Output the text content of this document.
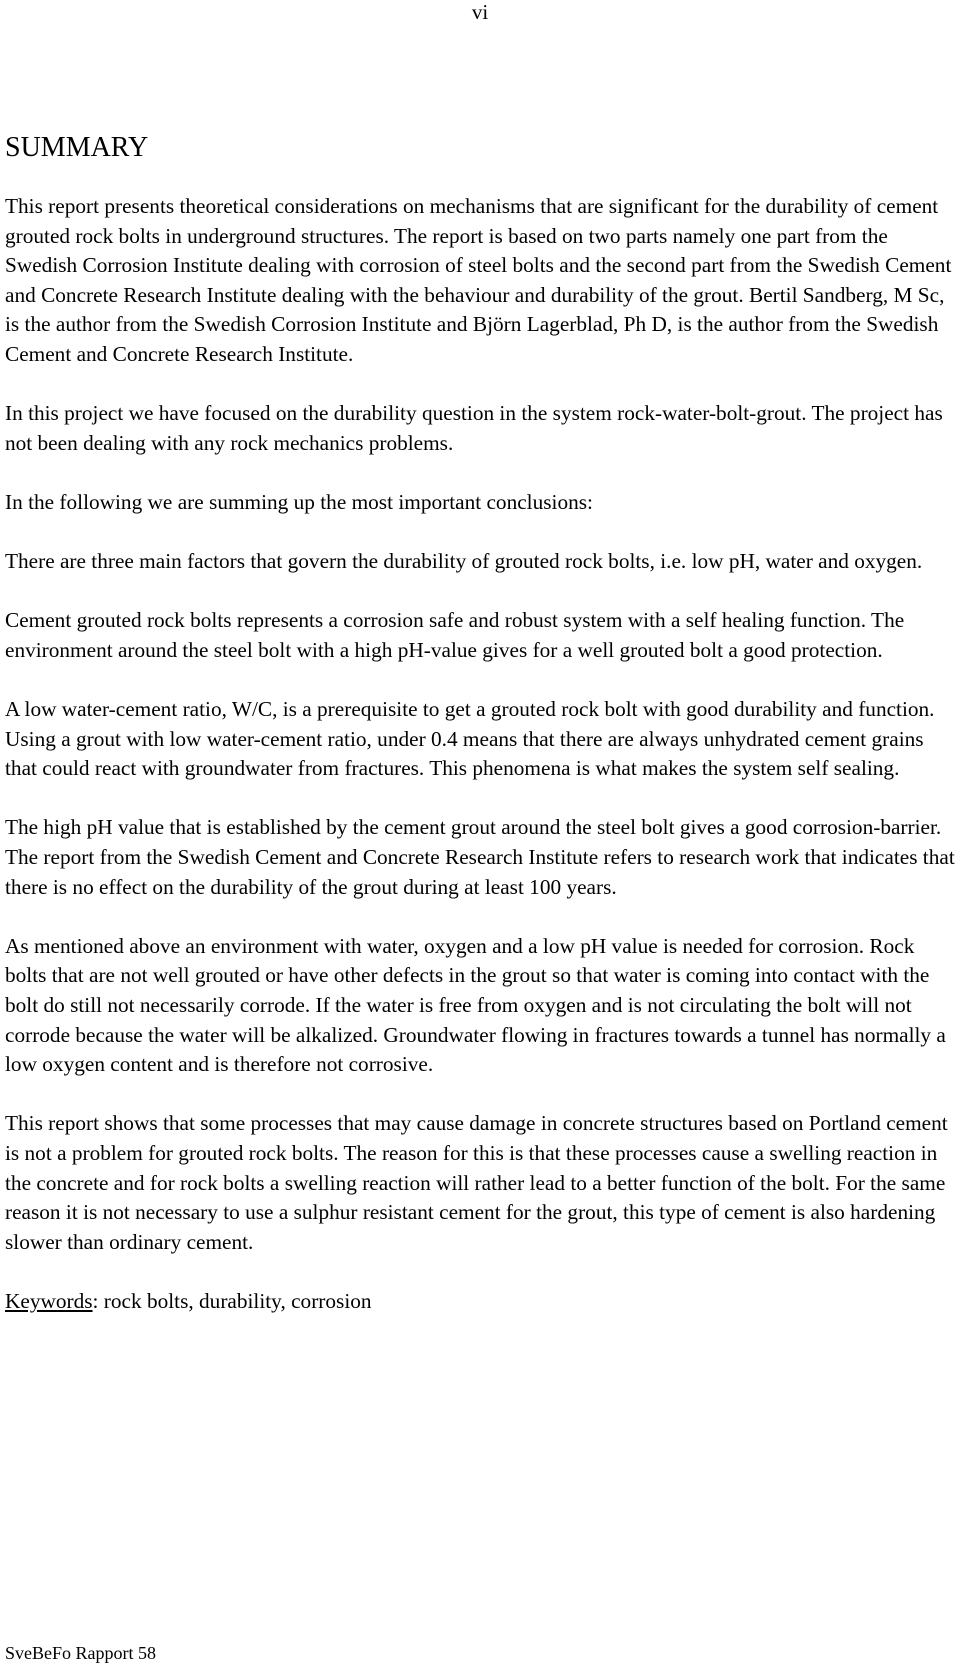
vi
SUMMARY

This report presents theoretical considerations on mechanisms that are significant for the durability of cement grouted rock bolts in underground structures. The report is based on two parts namely one part from the Swedish Corrosion Institute dealing with corrosion of steel bolts and the second part from the Swedish Cement and Concrete Research Institute dealing with the behaviour and durability of the grout. Bertil Sandberg, M Sc, is the author from the Swedish Corrosion Institute and Björn Lagerblad, Ph D, is the author from the Swedish Cement and Concrete Research Institute.

In this project we have focused on the durability question in the system rock-water-bolt-grout. The project has not been dealing with any rock mechanics problems.

In the following we are summing up the most important conclusions:

There are three main factors that govern the durability of grouted rock bolts, i.e. low pH, water and oxygen.

Cement grouted rock bolts represents a corrosion safe and robust system with a self healing function. The environment around the steel bolt with a high pH-value gives for a well grouted bolt a good protection.

A low water-cement ratio, W/C, is a prerequisite to get a grouted rock bolt with good durability and function. Using a grout with low water-cement ratio, under 0.4 means that there are always unhydrated cement grains that could react with groundwater from fractures. This phenomena is what makes the system self sealing.

The high pH value that is established by the cement grout around the steel bolt gives a good corrosion-barrier. The report from the Swedish Cement and Concrete Research Institute refers to research work that indicates that there is no effect on the durability of the grout during at least 100 years.

As mentioned above an environment with water, oxygen and a low pH value is needed for corrosion. Rock bolts that are not well grouted or have other defects in the grout so that water is coming into contact with the bolt do still not necessarily corrode. If the water is free from oxygen and is not circulating the bolt will not corrode because the water will be alkalized. Groundwater flowing in fractures towards a tunnel has normally a low oxygen content and is therefore not corrosive.

This report shows that some processes that may cause damage in concrete structures based on Portland cement is not a problem for grouted rock bolts. The reason for this is that these processes cause a swelling reaction in the concrete and for rock bolts a swelling reaction will rather lead to a better function of the bolt. For the same reason it is not necessary to use a sulphur resistant cement for the grout, this type of cement is also hardening slower than ordinary cement.

Keywords: rock bolts, durability, corrosion

SveBeFo Rapport 58
